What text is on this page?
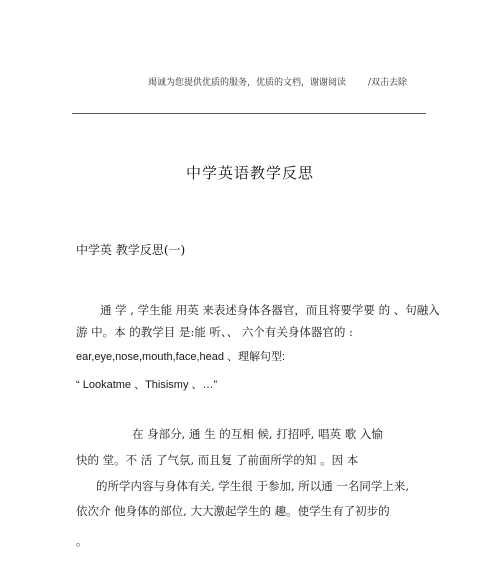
竭诚为您提供优质的服务，优质的文档，谢谢阅读 /双击去除
中学英语教学反思
中学英 教学反思(一)
通 学 , 学生能 用英 来表述身体各器官，而且将要学要 的 、句融入
游 中。本 的教学目 是:能 听、、 六个有关身体器官的 :
ear,eye,nose,mouth,face,head 、理解句型:
“ Lookatme 、Thisismy 、…”
在 身部分, 通 生 的互相 候, 打招呼, 唱英 歌 入愉
快的 堂。不 活 了气氛, 而且复 了前面所学的知 。因 本
的所学内容与身体有关, 学生很 于参加, 所以通 一名同学上来,
依次介 他身体的部位, 大大激起学生的 趣。使学生有了初步的
。
